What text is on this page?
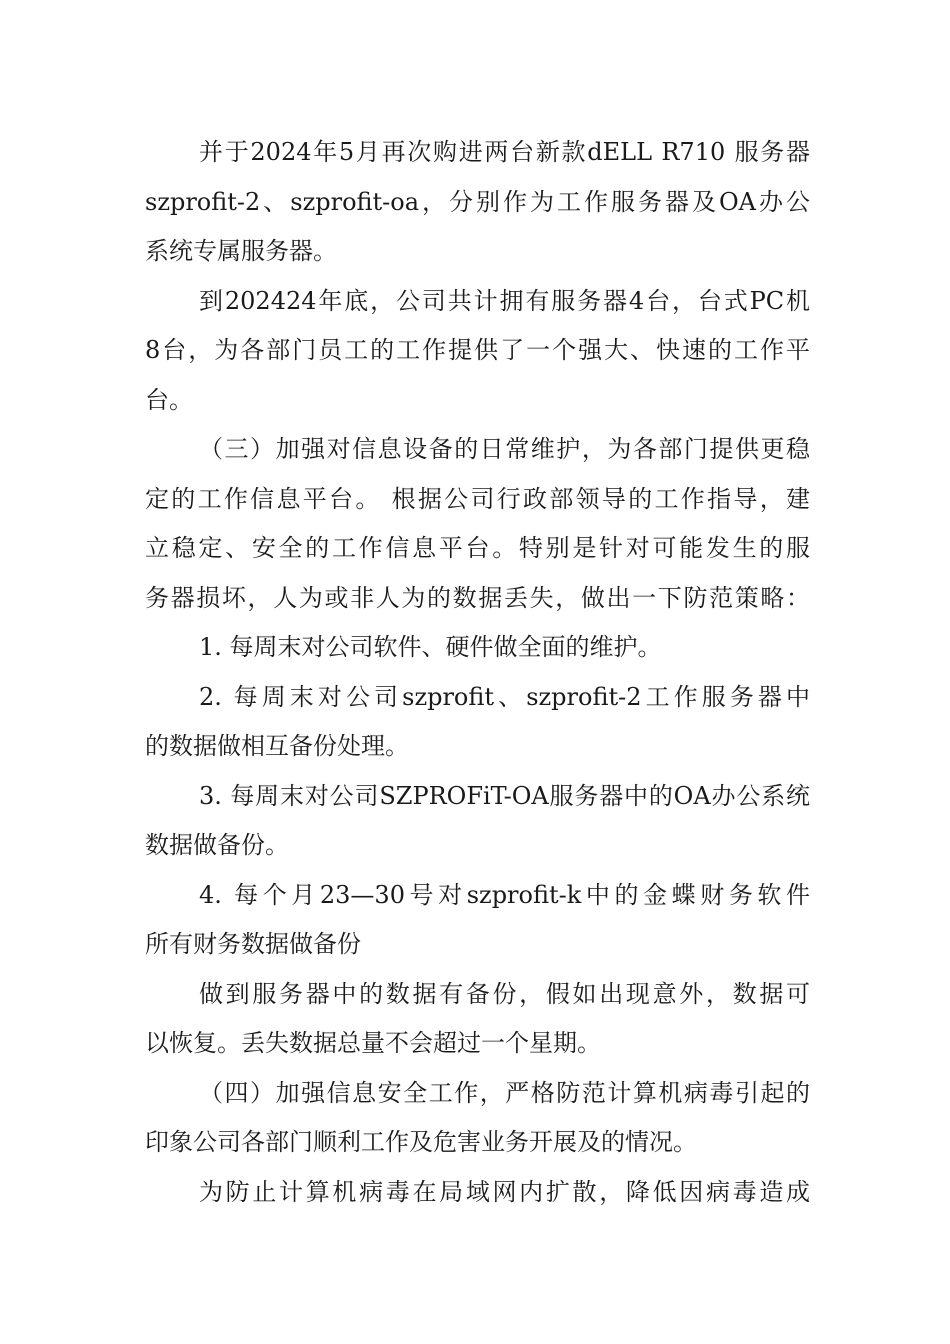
并于2024年5月再次购进两台新款dELL R710 服务器
szprofit-2、szprofit-oa，分别作为工作服务器及OA办公
系统专属服务器。
到202424年底，公司共计拥有服务器4台，台式PC机
8台，为各部门员工的工作提供了一个强大、快速的工作平
台。
（三）加强对信息设备的日常维护，为各部门提供更稳
定的工作信息平台。 根据公司行政部领导的工作指导，建
立稳定、安全的工作信息平台。特别是针对可能发生的服
务器损坏，人为或非人为的数据丢失，做出一下防范策略：
1. 每周末对公司软件、硬件做全面的维护。
2. 每周末对公司szprofit、szprofit-2工作服务器中
的数据做相互备份处理。
3. 每周末对公司SZPROFiT-OA服务器中的OA办公系统
数据做备份。
4. 每个月23—30号对szprofit-k中的金蝶财务软件
所有财务数据做备份
做到服务器中的数据有备份，假如出现意外，数据可
以恢复。丢失数据总量不会超过一个星期。
（四）加强信息安全工作，严格防范计算机病毒引起的
印象公司各部门顺利工作及危害业务开展及的情况。
为防止计算机病毒在局域网内扩散，降低因病毒造成
